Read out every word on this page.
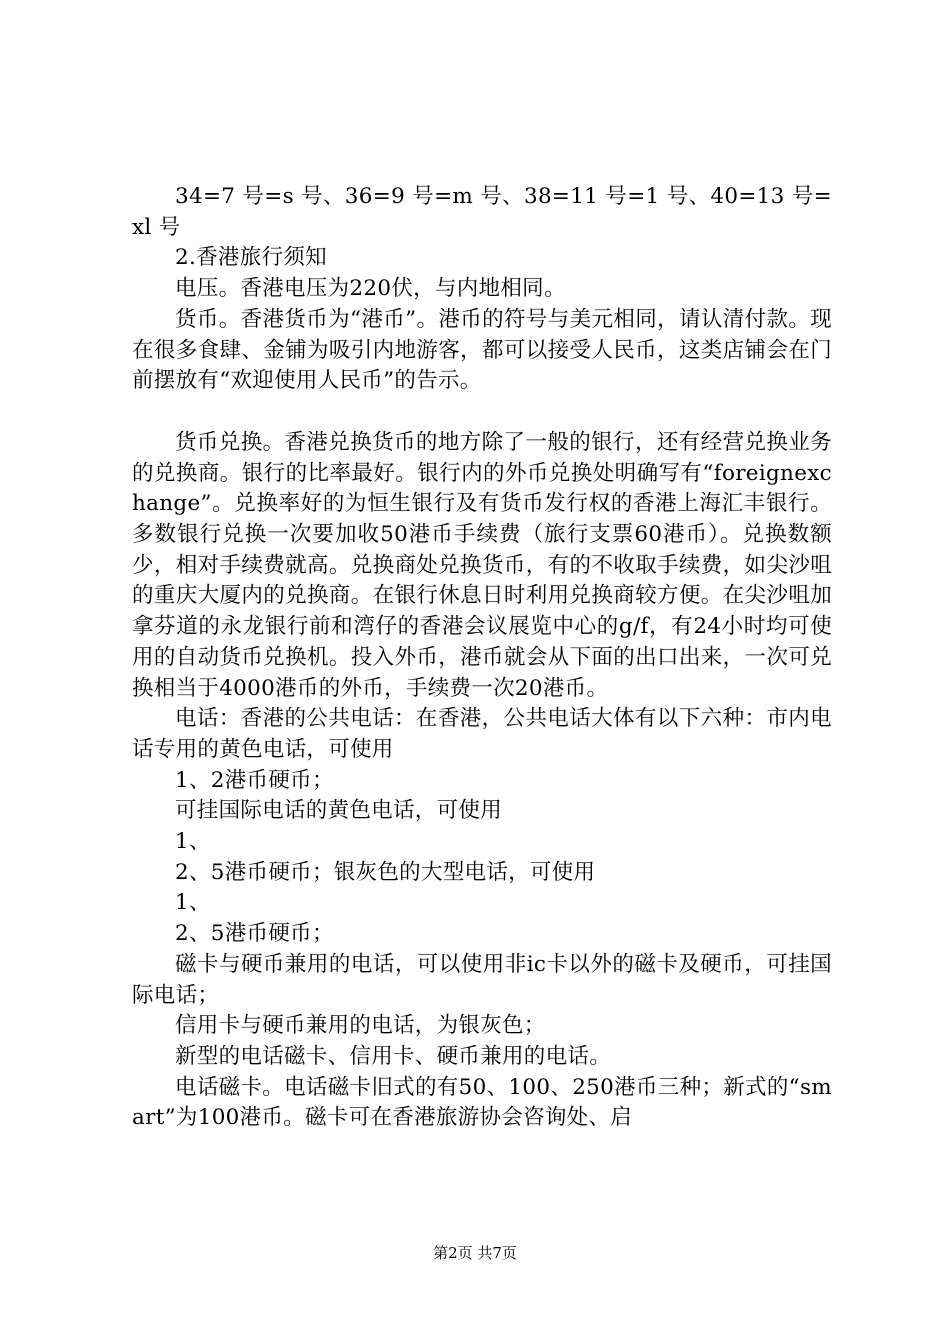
34=7 号=s 号、36=9 号=m 号、38=11 号=1 号、40=13 号=xl 号

2.香港旅行须知

电压。香港电压为220伏，与内地相同。

货币。香港货币为“港币”。港币的符号与美元相同，请认清付款。现在很多食肆、金铺为吸引内地游客，都可以接受人民币，这类店铺会在门前摆放有“欢迎使用人民币”的告示。

货币兑换。香港兑换货币的地方除了一般的银行，还有经营兑换业务的兑换商。银行的比率最好。银行内的外币兑换处明确写有“foreignexchange”。兑换率好的为恒生银行及有货币发行权的香港上海汇丰银行。多数银行兑换一次要加收50港币手续费（旅行支票60港币）。兑换数额少，相对手续费就高。兑换商处兑换货币，有的不收取手续费，如尖沙咀的重庆大厦内的兑换商。在银行休息日时利用兑换商较方便。在尖沙咀加拿芬道的永龙银行前和湾仔的香港会议展览中心的g/f，有24小时均可使用的自动货币兑换机。投入外币，港币就会从下面的出口出来，一次可兑换相当于4000港币的外币，手续费一次20港币。

电话：香港的公共电话：在香港，公共电话大体有以下六种：市内电话专用的黄色电话，可使用

1、2港币硬币；

可挂国际电话的黄色电话，可使用

1、

2、5港币硬币；银灰色的大型电话，可使用

1、

2、5港币硬币；

磁卡与硬币兼用的电话，可以使用非ic卡以外的磁卡及硬币，可挂国际电话；

信用卡与硬币兼用的电话，为银灰色；

新型的电话磁卡、信用卡、硬币兼用的电话。

电话磁卡。电话磁卡旧式的有50、100、250港币三种；新式的“smart”为100港币。磁卡可在香港旅游协会咨询处、启

第2页 共7页
